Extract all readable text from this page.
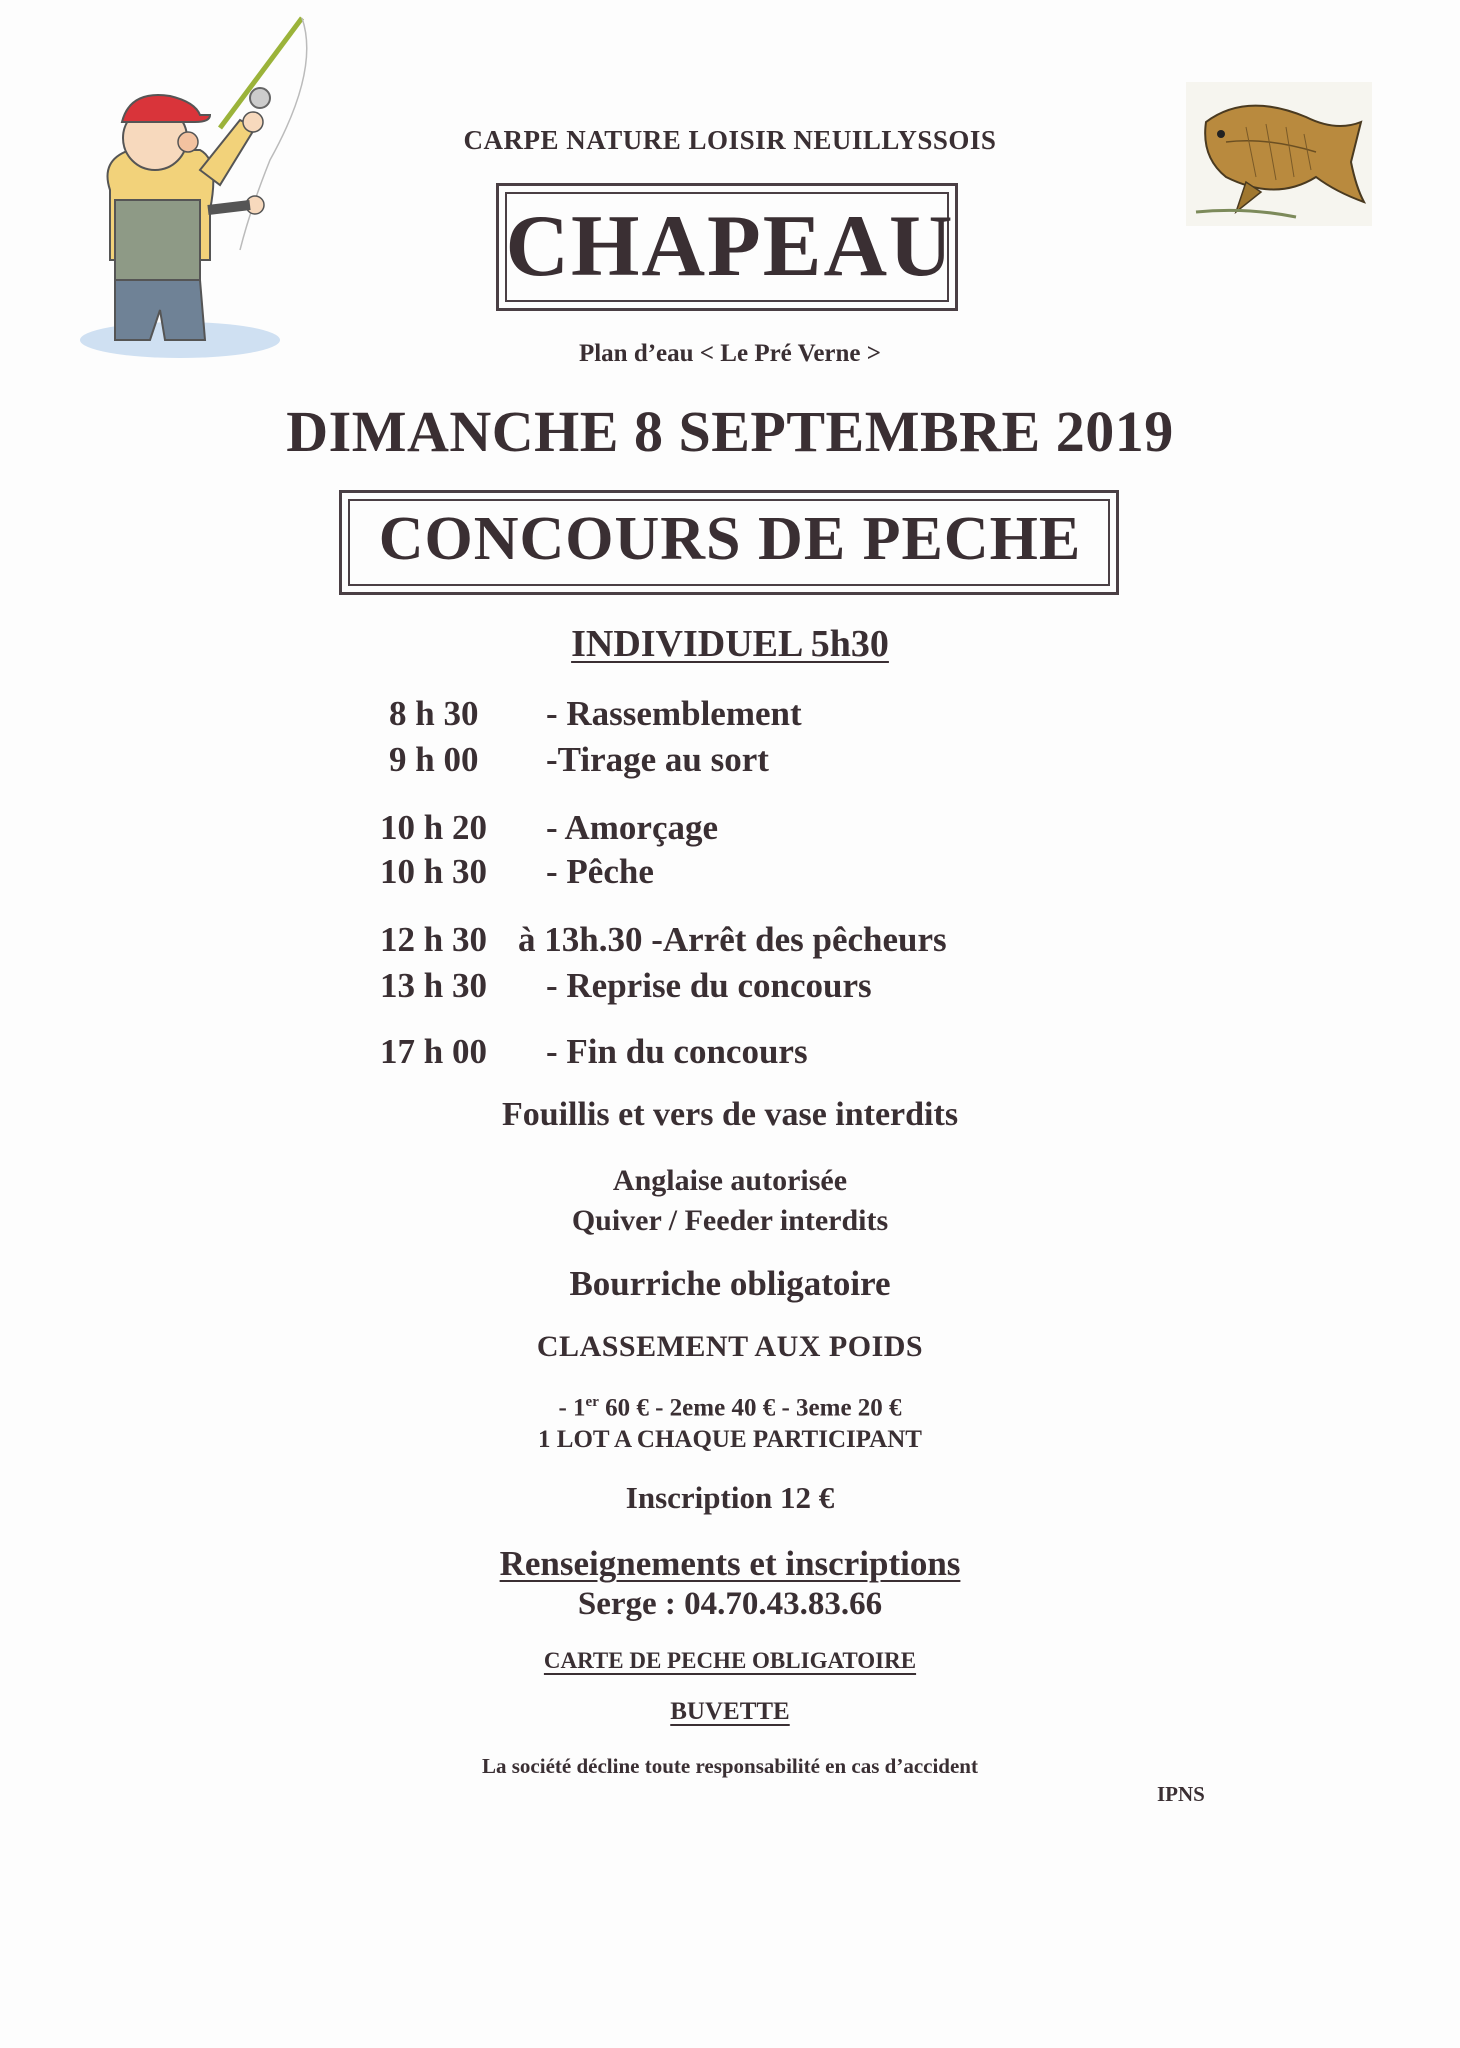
CARPE NATURE LOISIR NEUILLYSSOIS
CHAPEAU
Plan d’eau < Le Pré Verne >
DIMANCHE 8 SEPTEMBRE 2019
CONCOURS DE PECHE
INDIVIDUEL 5h30
8 h 30 - Rassemblement
9 h 00 -Tirage au sort
10 h 20 - Amorçage
10 h 30 - Pêche
12 h 30 à 13h.30 -Arrêt des pêcheurs
13 h 30 - Reprise du concours
17 h 00 - Fin du concours
Fouillis et vers de vase interdits
Anglaise autorisée
Quiver / Feeder interdits
Bourriche obligatoire
CLASSEMENT AUX POIDS
- 1er 60 € - 2eme 40 € - 3eme 20 €
1 LOT A CHAQUE PARTICIPANT
Inscription 12 €
Renseignements et inscriptions
Serge : 04.70.43.83.66
CARTE DE PECHE OBLIGATOIRE
BUVETTE
La société décline toute responsabilité en cas d’accident
IPNS
